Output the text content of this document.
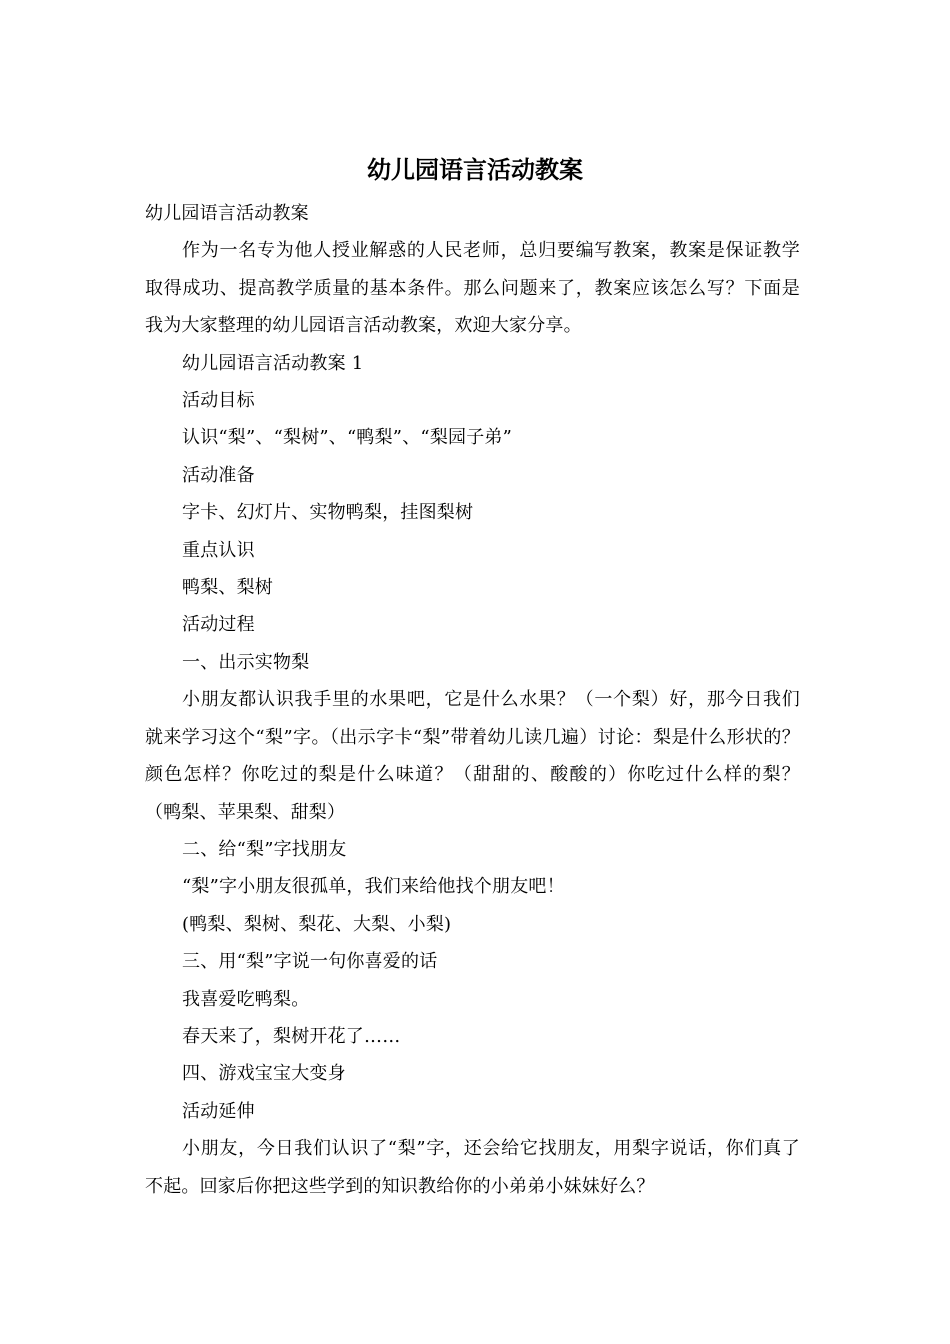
幼儿园语言活动教案

幼儿园语言活动教案

作为一名专为他人授业解惑的人民老师，总归要编写教案，教案是保证教学取得成功、提高教学质量的基本条件。那么问题来了，教案应该怎么写？下面是我为大家整理的幼儿园语言活动教案，欢迎大家分享。

幼儿园语言活动教案 1

活动目标

认识“梨”、“梨树”、“鸭梨”、“梨园子弟”

活动准备

字卡、幻灯片、实物鸭梨，挂图梨树

重点认识

鸭梨、梨树

活动过程

一、出示实物梨

小朋友都认识我手里的水果吧，它是什么水果？（一个梨）好，那今日我们就来学习这个“梨”字。（出示字卡“梨”带着幼儿读几遍）讨论：梨是什么形状的？颜色怎样？你吃过的梨是什么味道？（甜甜的、酸酸的）你吃过什么样的梨？（鸭梨、苹果梨、甜梨）

二、给“梨”字找朋友

“梨”字小朋友很孤单，我们来给他找个朋友吧！

(鸭梨、梨树、梨花、大梨、小梨)

三、用“梨”字说一句你喜爱的话

我喜爱吃鸭梨。

春天来了，梨树开花了……

四、游戏宝宝大变身

活动延伸

小朋友，今日我们认识了“梨”字，还会给它找朋友，用梨字说话，你们真了不起。回家后你把这些学到的知识教给你的小弟弟小妹妹好么？
